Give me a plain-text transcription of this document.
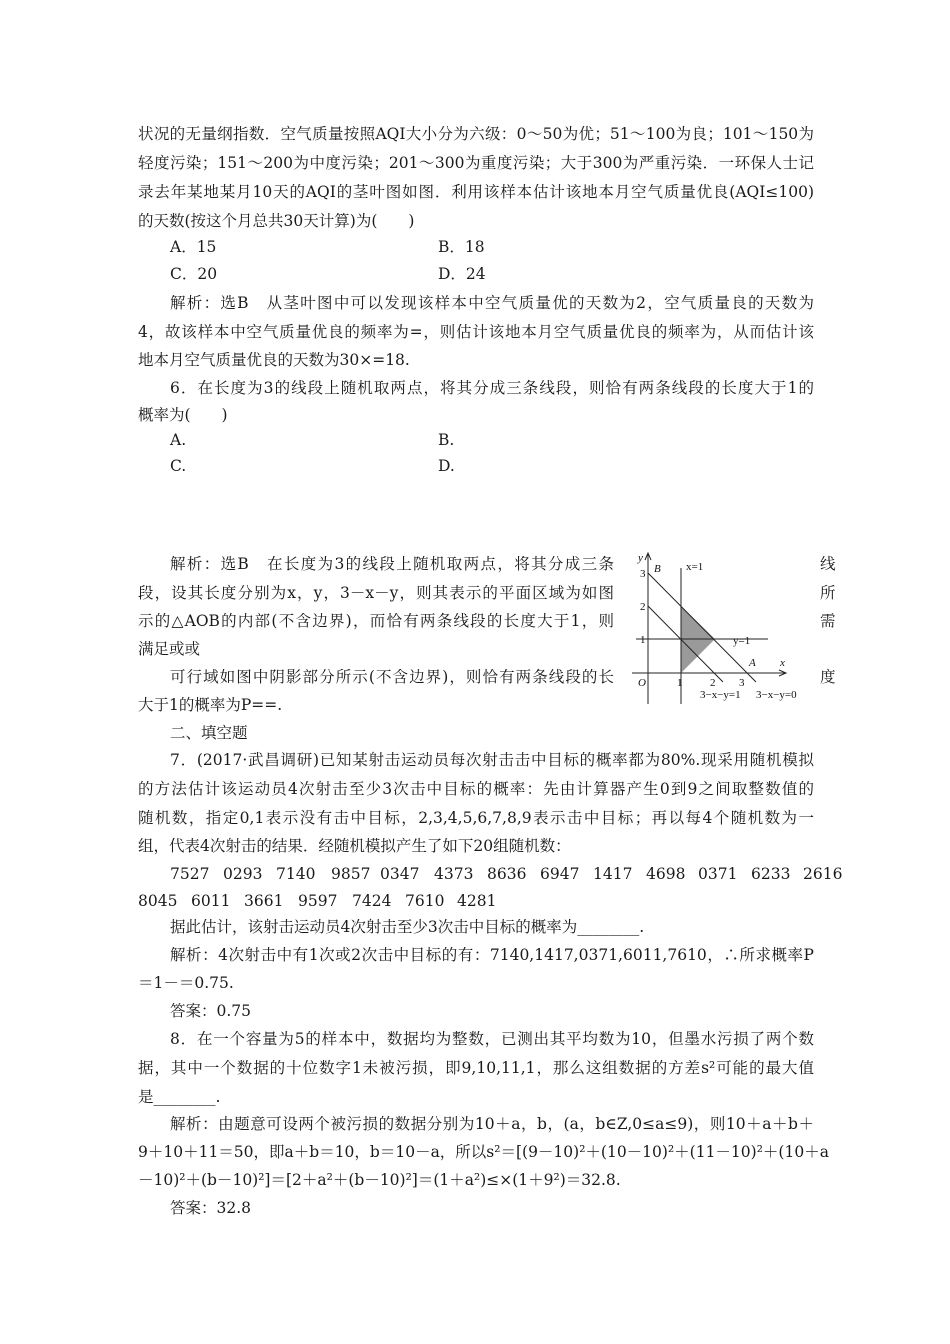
状况的无量纲指数．空气质量按照AQI大小分为六级：0～50为优；51～100为良；101～150为
轻度污染；151～200为中度污染；201～300为重度污染；大于300为严重污染．一环保人士记
录去年某地某月10天的AQI的茎叶图如图．利用该样本估计该地本月空气质量优良(AQI≤100)
的天数(按这个月总共30天计算)为(　　)
A．15	B．18
C．20	D．24
解析：选B　从茎叶图中可以发现该样本中空气质量优的天数为2，空气质量良的天数为
4，故该样本中空气质量优良的频率为=，则估计该地本月空气质量优良的频率为，从而估计该
地本月空气质量优良的天数为30×=18.
6．在长度为3的线段上随机取两点，将其分成三条线段，则恰有两条线段的长度大于1的
概率为(　　)
A.	B.
C.	D.
解析：选B　在长度为3的线段上随机取两点，将其分成三条
段，设其长度分别为x，y，3－x－y，则其表示的平面区域为如图
示的△AOB的内部(不含边界)，而恰有两条线段的长度大于1，则
满足或或
可行域如图中阴影部分所示(不含边界)，则恰有两条线段的长
大于1的概率为P==.
线
所
需
度
y
x
B
A
O
x=1
y=1
3
2
1
1	2 3
3−x−y=1 3−x−y=0
二、填空题
7．(2017·武昌调研)已知某射击运动员每次射击击中目标的概率都为80%.现采用随机模拟
的方法估计该运动员4次射击至少3次击中目标的概率：先由计算器产生0到9之间取整数值的
随机数，指定0,1表示没有击中目标，2,3,4,5,6,7,8,9表示击中目标；再以每4个随机数为一
组，代表4次射击的结果．经随机模拟产生了如下20组随机数：
7527 0293 7140 9857 0347 4373 8636 6947 1417 4698 0371 6233 2616
8045 6011 3661 9597 7424 7610 4281
据此估计，该射击运动员4次射击至少3次击中目标的概率为________.
解析：4次射击中有1次或2次击中目标的有：7140,1417,0371,6011,7610，∴所求概率P
＝1－＝0.75.
答案：0.75
8．在一个容量为5的样本中，数据均为整数，已测出其平均数为10，但墨水污损了两个数
据，其中一个数据的十位数字1未被污损，即9,10,11,1，那么这组数据的方差s²可能的最大值
是________.
解析：由题意可设两个被污损的数据分别为10＋a，b，(a，b∈Z,0≤a≤9)，则10＋a＋b＋
9＋10＋11＝50，即a＋b＝10，b＝10－a，所以s²＝[(9－10)²＋(10－10)²＋(11－10)²＋(10＋a
－10)²＋(b－10)²]＝[2＋a²＋(b－10)²]＝(1＋a²)≤×(1＋9²)＝32.8.
答案：32.8
